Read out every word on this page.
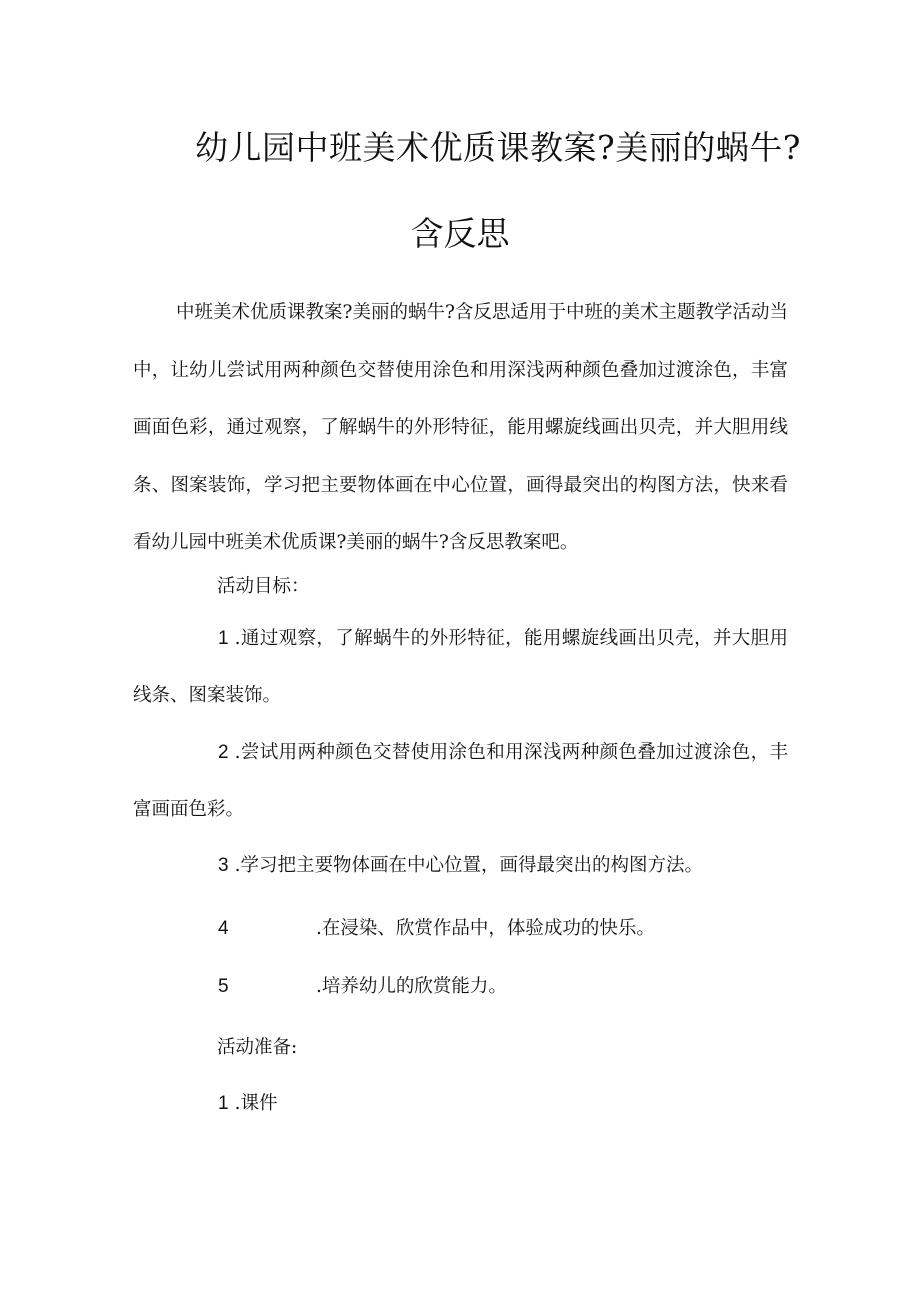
幼儿园中班美术优质课教案?美丽的蜗牛?
含反思

中班美术优质课教案?美丽的蜗牛?含反思适用于中班的美术主题教学活动当中，让幼儿尝试用两种颜色交替使用涂色和用深浅两种颜色叠加过渡涂色，丰富画面色彩，通过观察，了解蜗牛的外形特征，能用螺旋线画出贝壳，并大胆用线条、图案装饰，学习把主要物体画在中心位置，画得最突出的构图方法，快来看看幼儿园中班美术优质课?美丽的蜗牛?含反思教案吧。

活动目标：

1 .通过观察，了解蜗牛的外形特征，能用螺旋线画出贝壳，并大胆用线条、图案装饰。

2 .尝试用两种颜色交替使用涂色和用深浅两种颜色叠加过渡涂色，丰富画面色彩。

3 .学习把主要物体画在中心位置，画得最突出的构图方法。
4	.在浸染、欣赏作品中，体验成功的快乐。
5	.培养幼儿的欣赏能力。
活动准备:
1 .课件
